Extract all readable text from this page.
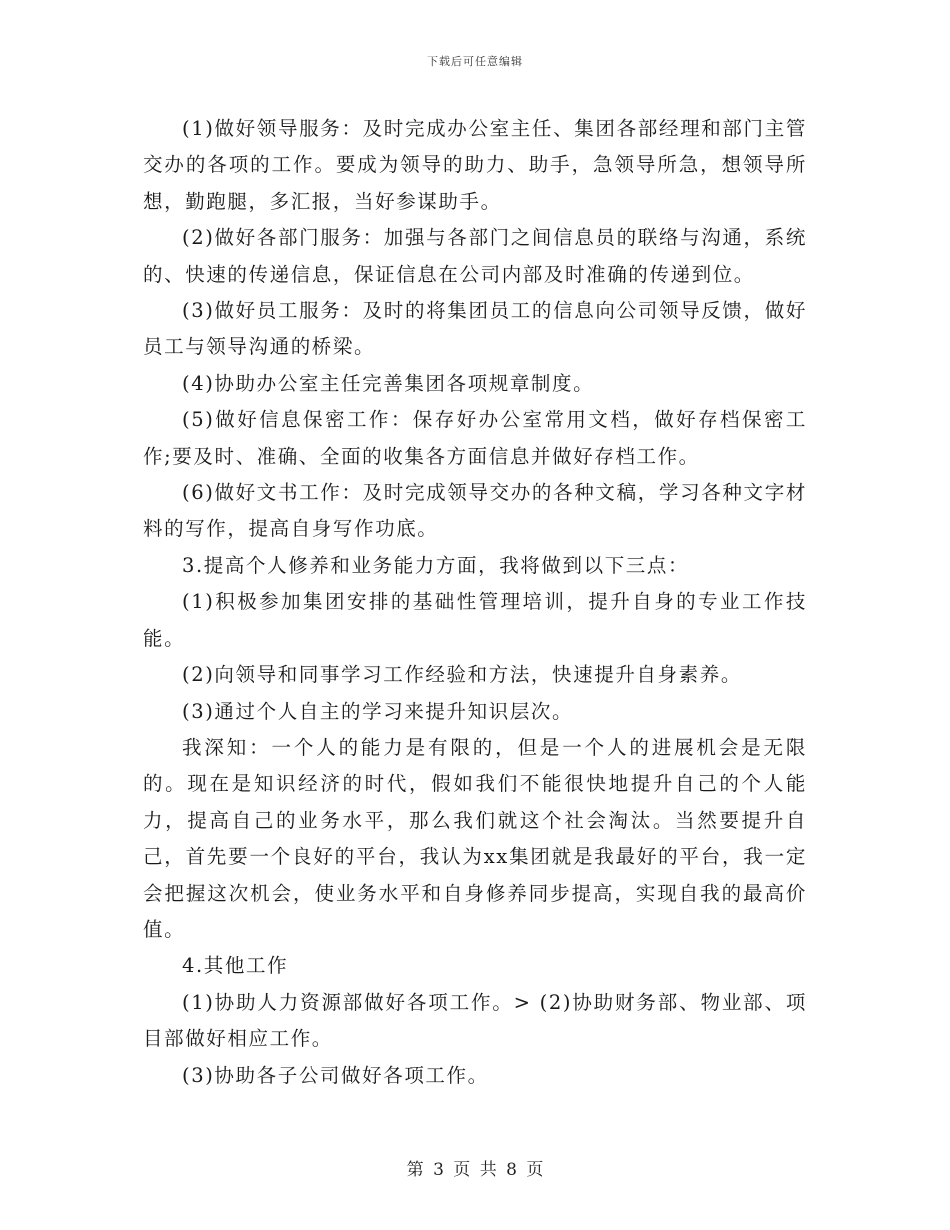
下载后可任意编辑

(1)做好领导服务：及时完成办公室主任、集团各部经理和部门主管交办的各项的工作。要成为领导的助力、助手，急领导所急，想领导所想，勤跑腿，多汇报，当好参谋助手。

(2)做好各部门服务：加强与各部门之间信息员的联络与沟通，系统的、快速的传递信息，保证信息在公司内部及时准确的传递到位。

(3)做好员工服务：及时的将集团员工的信息向公司领导反馈，做好员工与领导沟通的桥梁。

(4)协助办公室主任完善集团各项规章制度。

(5)做好信息保密工作：保存好办公室常用文档，做好存档保密工作;要及时、准确、全面的收集各方面信息并做好存档工作。

(6)做好文书工作：及时完成领导交办的各种文稿，学习各种文字材料的写作，提高自身写作功底。

3.提高个人修养和业务能力方面，我将做到以下三点：

(1)积极参加集团安排的基础性管理培训，提升自身的专业工作技能。

(2)向领导和同事学习工作经验和方法，快速提升自身素养。

(3)通过个人自主的学习来提升知识层次。

我深知：一个人的能力是有限的，但是一个人的进展机会是无限的。现在是知识经济的时代，假如我们不能很快地提升自己的个人能力，提高自己的业务水平，那么我们就这个社会淘汰。当然要提升自己，首先要一个良好的平台，我认为xx集团就是我最好的平台，我一定会把握这次机会，使业务水平和自身修养同步提高，实现自我的最高价值。

4.其他工作

(1)协助人力资源部做好各项工作。> (2)协助财务部、物业部、项目部做好相应工作。

(3)协助各子公司做好各项工作。

第 3 页 共 8 页
